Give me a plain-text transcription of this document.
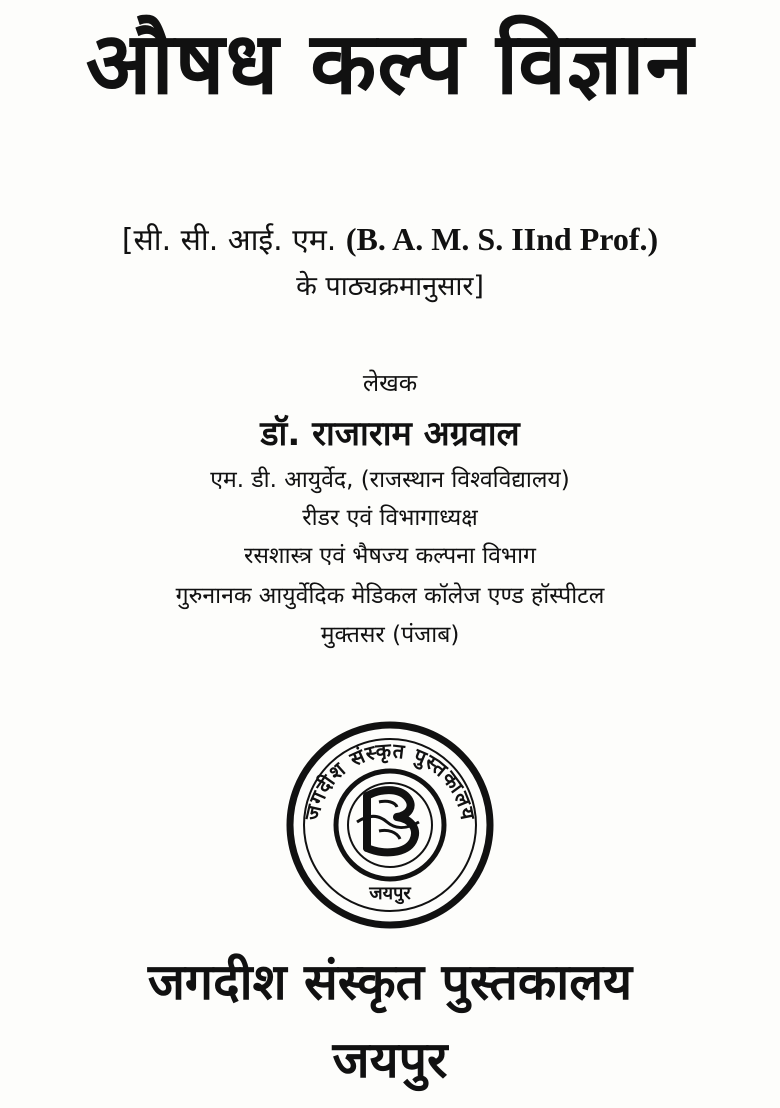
औषध कल्प विज्ञान
[सी. सी. आई. एम. (B. A. M. S. IInd Prof.)
के पाठ्यक्रमानुसार]
लेखक
डॉ. राजाराम अग्रवाल
एम. डी. आयुर्वेद, (राजस्थान विश्वविद्यालय)
रीडर एवं विभागाध्यक्ष
रसशास्त्र एवं भैषज्य कल्पना विभाग
गुरुनानक आयुर्वेदिक मेडिकल कॉलेज एण्ड हॉस्पीटल
मुक्तसर (पंजाब)
जगदीश संस्कृत पुस्तकालय
जयपुर
जगदीश संस्कृत पुस्तकालय
जयपुर
